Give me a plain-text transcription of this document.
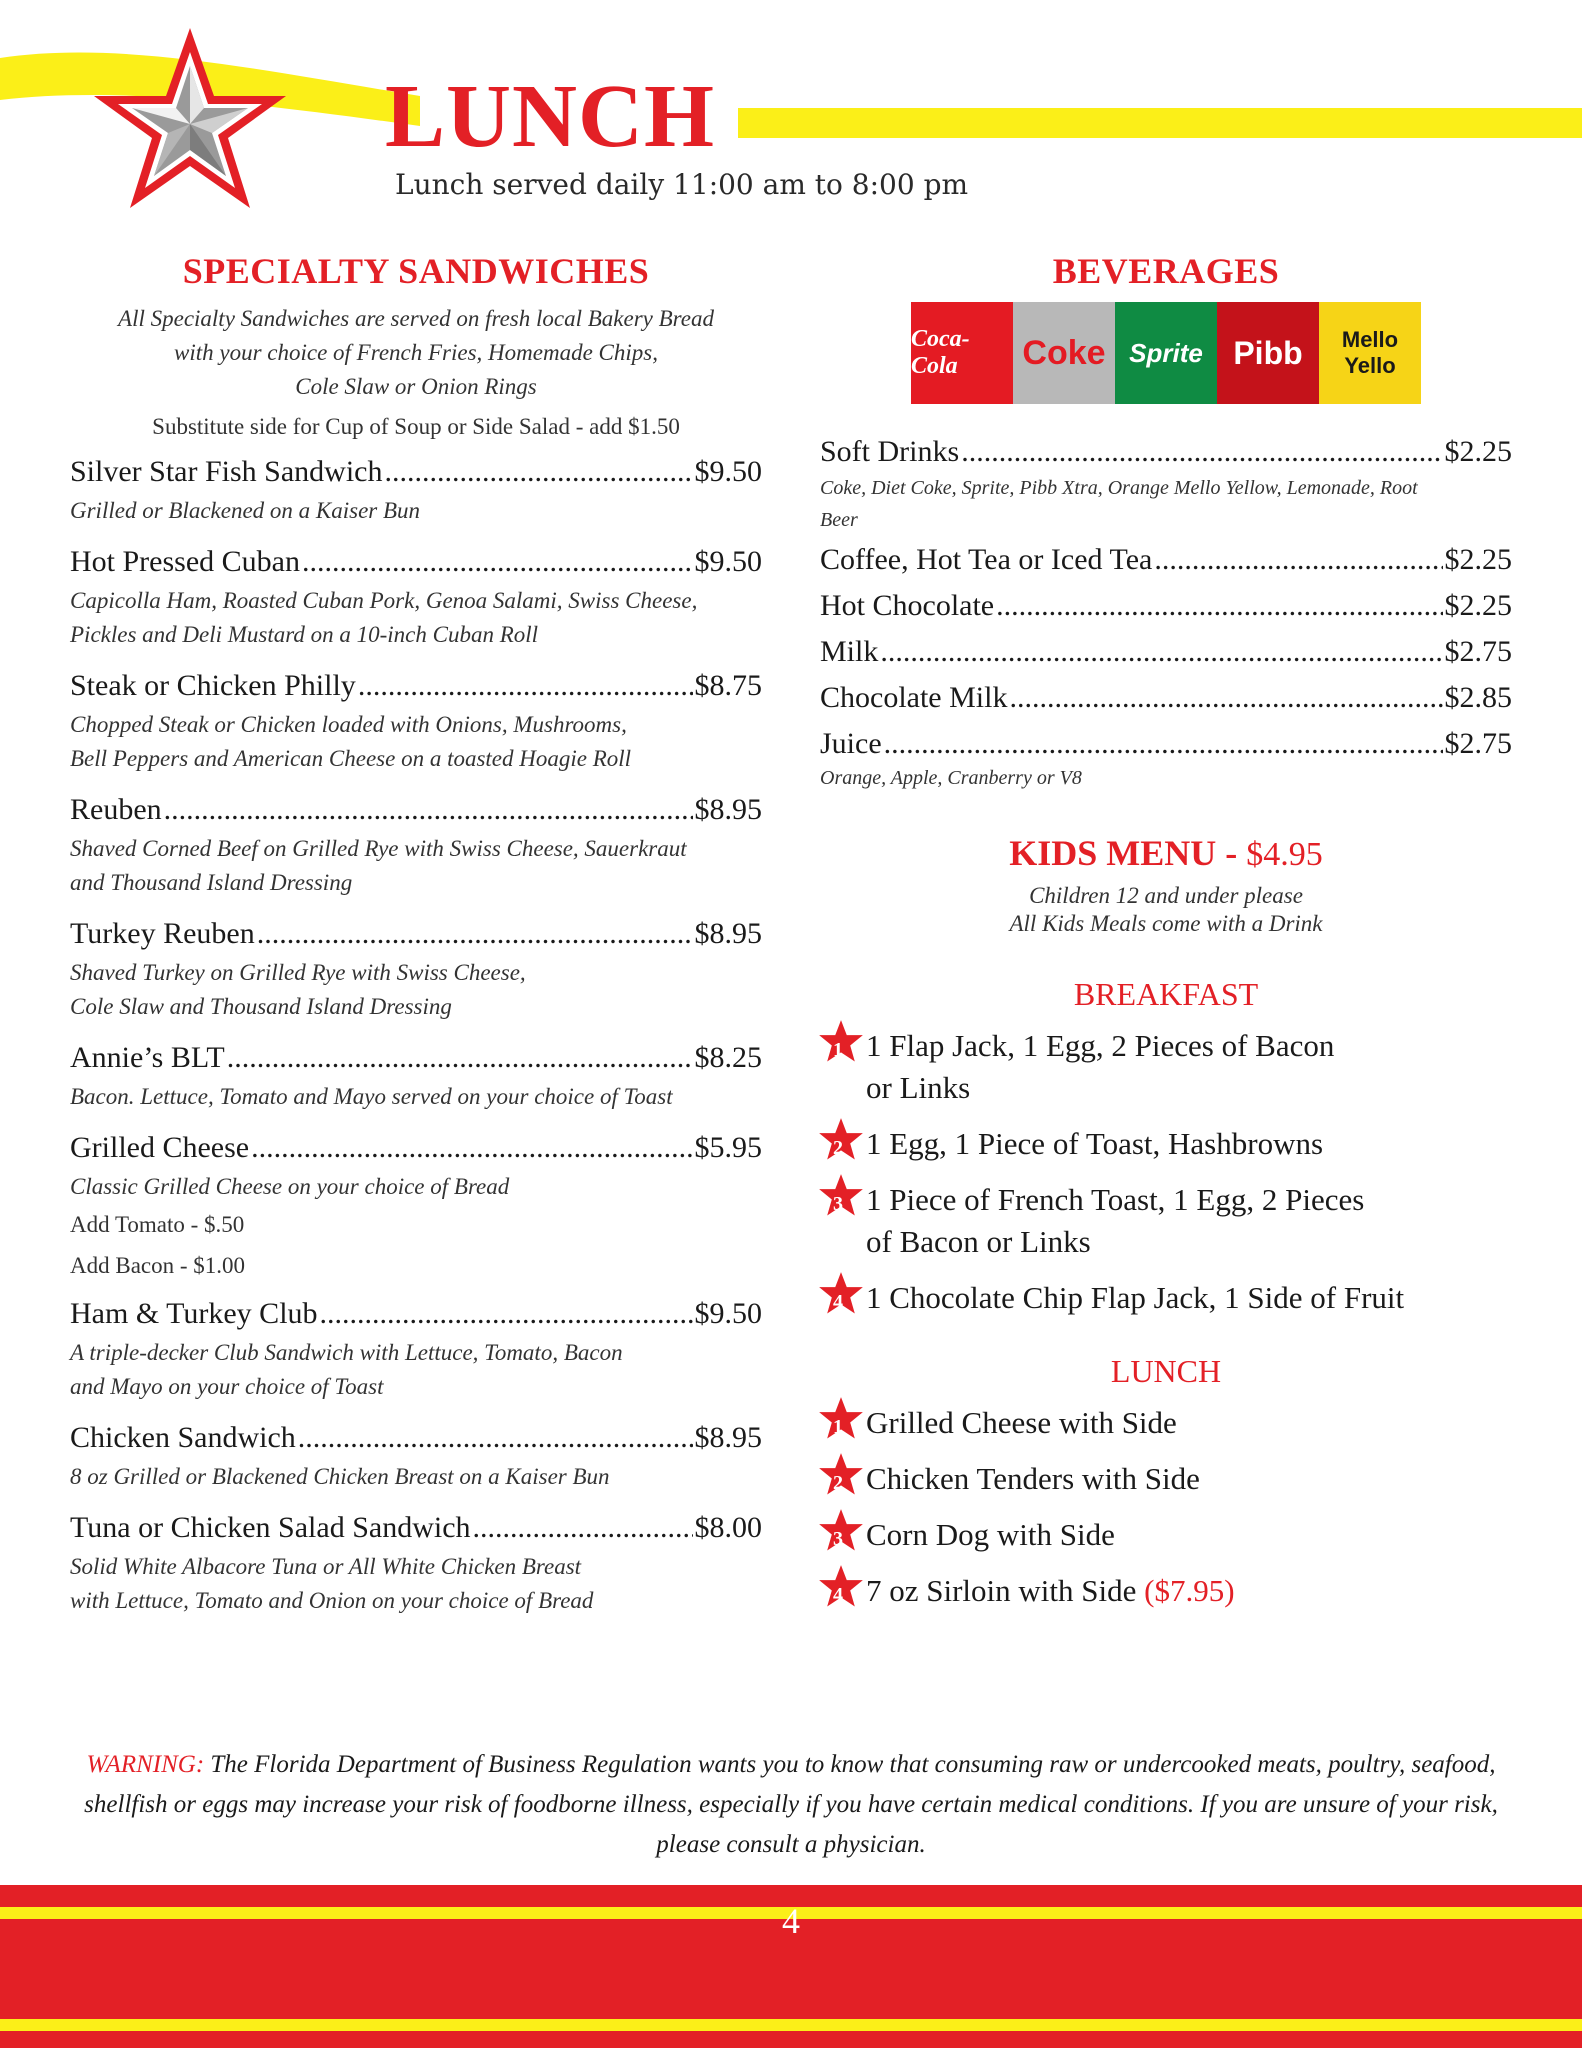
LUNCH
Lunch served daily 11:00 am to 8:00 pm
SPECIALTY SANDWICHES
All Specialty Sandwiches are served on fresh local Bakery Bread
with your choice of French Fries, Homemade Chips,
Cole Slaw or Onion Rings
Substitute side for Cup of Soup or Side Salad - add $1.50
Silver Star Fish Sandwich .....	$9.50
Grilled or Blackened on a Kaiser Bun
Hot Pressed Cuban .....	$9.50
Capicolla Ham, Roasted Cuban Pork, Genoa Salami, Swiss Cheese,
Pickles and Deli Mustard on a 10-inch Cuban Roll
Steak or Chicken Philly .....	$8.75
Chopped Steak or Chicken loaded with Onions, Mushrooms,
Bell Peppers and American Cheese on a toasted Hoagie Roll
Reuben .....	$8.95
Shaved Corned Beef on Grilled Rye with Swiss Cheese, Sauerkraut
and Thousand Island Dressing
Turkey Reuben .....	$8.95
Shaved Turkey on Grilled Rye with Swiss Cheese,
Cole Slaw and Thousand Island Dressing
Annie’s BLT .....	$8.25
Bacon. Lettuce, Tomato and Mayo served on your choice of Toast
Grilled Cheese .....	$5.95
Classic Grilled Cheese on your choice of Bread
Add Tomato - $.50
Add Bacon - $1.00
Ham & Turkey Club .....	$9.50
A triple-decker Club Sandwich with Lettuce, Tomato, Bacon
and Mayo on your choice of Toast
Chicken Sandwich .....	$8.95
8 oz Grilled or Blackened Chicken Breast on a Kaiser Bun
Tuna or Chicken Salad Sandwich .....	$8.00
Solid White Albacore Tuna or All White Chicken Breast
with Lettuce, Tomato and Onion on your choice of Bread
BEVERAGES
Coca-Cola	Coke Sprite Pibb	Mello Yello
Soft Drinks .....	$2.25
Coke, Diet Coke, Sprite, Pibb Xtra, Orange Mello Yellow, Lemonade, Root
Beer
Coffee, Hot Tea or Iced Tea .....	$2.25
Hot Chocolate .....	$2.25
Milk .....	$2.75
Chocolate Milk .....	$2.85
Juice .....	$2.75
Orange, Apple, Cranberry or V8
KIDS MENU - $4.95
Children 12 and under please
All Kids Meals come with a Drink
BREAKFAST
1 1 Flap Jack, 1 Egg, 2 Pieces of Bacon
or Links
2 1 Egg, 1 Piece of Toast, Hashbrowns
3 1 Piece of French Toast, 1 Egg, 2 Pieces
of Bacon or Links
4 1 Chocolate Chip Flap Jack, 1 Side of Fruit
LUNCH
1 Grilled Cheese with Side
2 Chicken Tenders with Side
3 Corn Dog with Side
4 7 oz Sirloin with Side ($7.95)
WARNING: The Florida Department of Business Regulation wants you to know that consuming raw or undercooked meats, poultry, seafood, shellfish or eggs may increase your risk of foodborne illness, especially if you have certain medical conditions. If you are unsure of your risk, please consult a physician.
4
